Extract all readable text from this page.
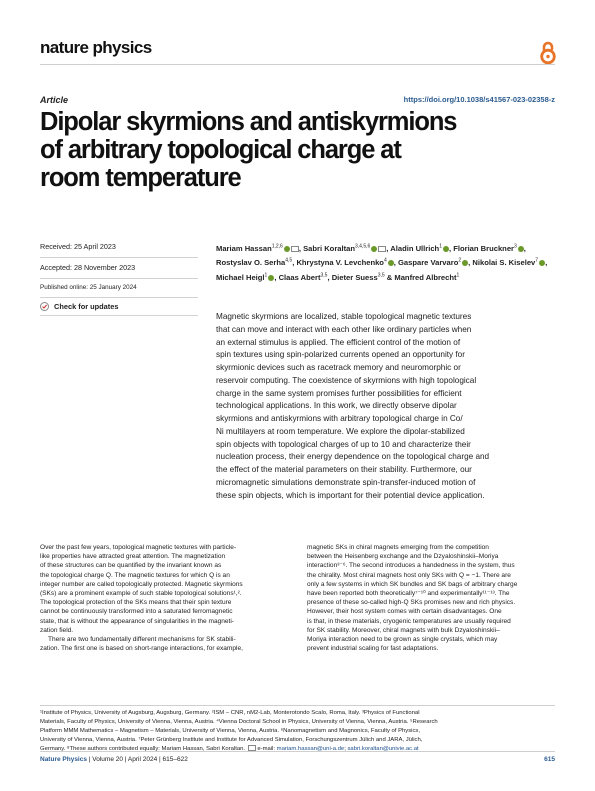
nature physics
Article	https://doi.org/10.1038/s41567-023-02358-z
Dipolar skyrmions and antiskyrmions
of arbitrary topological charge at
room temperature
Received: 25 April 2023
Accepted: 28 November 2023
Published online: 25 January 2024
Check for updates
Mariam Hassan$^{1,2,6}$ , Sabri Koraltan$^{3,4,5,6}$ , Aladin Ullrich$^1$ , Florian Bruckner$^3$ , Rostyslav O. Serha$^{4,5}$, Khrystyna V. Levchenko$^4$ , Gaspare Varvaro$^2$ , Nikolai S. Kiselev$^7$ , Michael Heigl$^1$ , Claas Abert$^{3,5}$, Dieter Suess$^{3,5}$ & Manfred Albrecht$^1$
Magnetic skyrmions are localized, stable topological magnetic textures
that can move and interact with each other like ordinary particles when
an external stimulus is applied. The efficient control of the motion of
spin textures using spin-polarized currents opened an opportunity for
skyrmionic devices such as racetrack memory and neuromorphic or
reservoir computing. The coexistence of skyrmions with high topological
charge in the same system promises further possibilities for efficient
technological applications. In this work, we directly observe dipolar
skyrmions and antiskyrmions with arbitrary topological charge in Co/
Ni multilayers at room temperature. We explore the dipolar-stabilized
spin objects with topological charges of up to 10 and characterize their
nucleation process, their energy dependence on the topological charge and
the effect of the material parameters on their stability. Furthermore, our
micromagnetic simulations demonstrate spin-transfer-induced motion of
these spin objects, which is important for their potential device application.
Over the past few years, topological magnetic textures with particle-
like properties have attracted great attention. The magnetization
of these structures can be quantified by the invariant known as
the topological charge Q. The magnetic textures for which Q is an
integer number are called topologically protected. Magnetic skyrmions
(SKs) are a prominent example of such stable topological solutions¹,².
The topological protection of the SKs means that their spin texture
cannot be continuously transformed into a saturated ferromagnetic
state, that is without the appearance of singularities in the magneti-
zation field.
There are two fundamentally different mechanisms for SK stabili-
zation. The first one is based on short-range interactions, for example,
magnetic SKs in chiral magnets emerging from the competition
between the Heisenberg exchange and the Dzyaloshinskii–Moriya
interaction³⁻⁶. The second introduces a handedness in the system, thus
the chirality. Most chiral magnets host only SKs with Q = −1. There are
only a few systems in which SK bundles and SK bags of arbitrary charge
have been reported both theoretically⁷⁻¹⁰ and experimentally¹¹⁻¹³. The
presence of these so-called high-Q SKs promises new and rich physics.
However, their host system comes with certain disadvantages. One
is that, in these materials, cryogenic temperatures are usually required
for SK stability. Moreover, chiral magnets with bulk Dzyaloshinskii–
Moriya interaction need to be grown as single crystals, which may
prevent industrial scaling for fast adaptations.
¹Institute of Physics, University of Augsburg, Augsburg, Germany. ²ISM – CNR, nM2-Lab, Monterotondo Scalo, Roma, Italy. ³Physics of Functional
Materials, Faculty of Physics, University of Vienna, Vienna, Austria. ⁴Vienna Doctoral School in Physics, University of Vienna, Vienna, Austria. ⁵Research
Platform MMM Mathematics – Magnetism – Materials, University of Vienna, Vienna, Austria. ⁶Nanomagnetism and Magnonics, Faculty of Physics,
University of Vienna, Vienna, Austria. ⁷Peter Grünberg Institute and Institute for Advanced Simulation, Forschungszentrum Jülich and JARA, Jülich,
Germany. ⁸These authors contributed equally: Mariam Hassan, Sabri Koraltan. e-mail: mariam.hassan@uni-a.de; sabri.koraltan@univie.ac.at
Nature Physics | Volume 20 | April 2024 | 615–622	615
